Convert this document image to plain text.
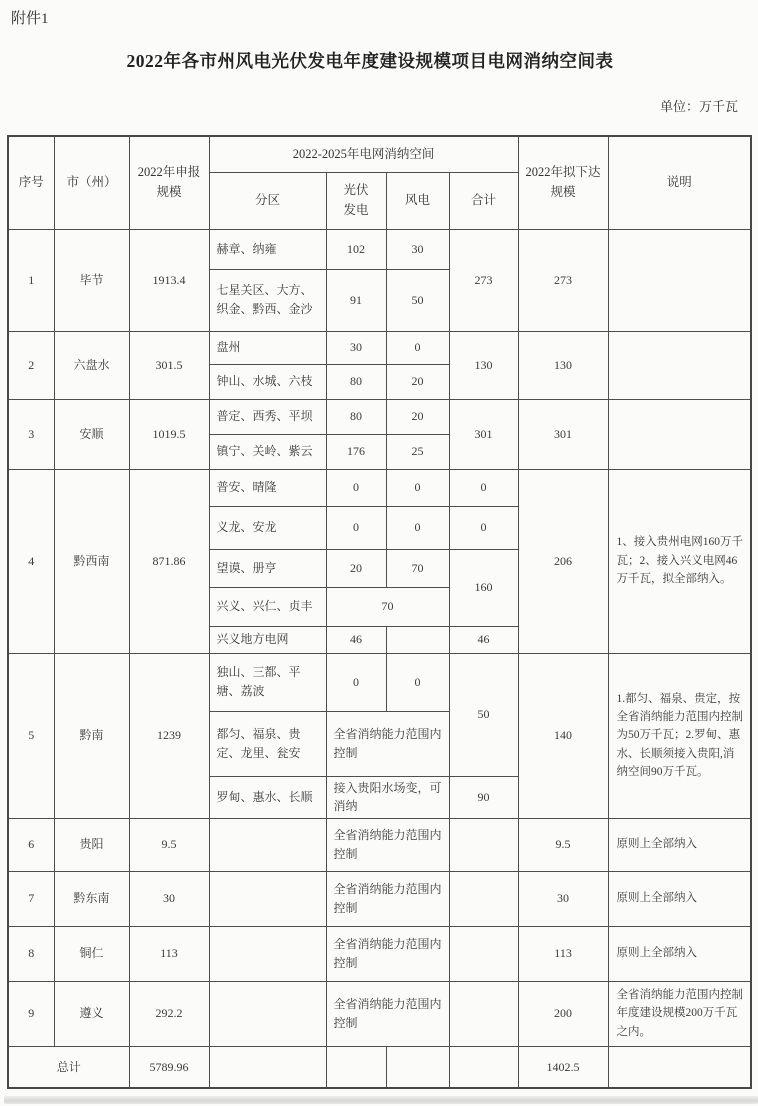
附件1
2022年各市州风电光伏发电年度建设规模项目电网消纳空间表
单位：万千瓦
序号	市（州）	2022年申报规模	2022-2025年电网消纳空间				2022年拟下达规模	说明
			分区	光伏发电	风电	合计		
1	毕节	1913.4	赫章、纳雍	102	30	273	273	
			七星关区、大方、织金、黔西、金沙	91	50			
2	六盘水	301.5	盘州	30	0	130	130	
			钟山、水城、六枝	80	20			
3	安顺	1019.5	普定、西秀、平坝	80	20	301	301	
			镇宁、关岭、紫云	176	25			
4	黔西南	871.86	普安、晴隆	0	0	0	206	1、接入贵州电网160万千瓦；2、接入兴义电网46万千瓦，拟全部纳入。
			义龙、安龙	0	0	0		
			望谟、册亨	20	70	160		
			兴义、兴仁、贞丰	70				
			兴义地方电网	46		46		
5	黔南	1239	独山、三都、平塘、荔波	0	0	50	140	1.都匀、福泉、贵定，按全省消纳能力范围内控制为50万千瓦；2.罗甸、惠水、长顺须接入贵阳,消纳空间90万千瓦。
			都匀、福泉、贵定、龙里、瓮安	全省消纳能力范围内控制				
			罗甸、惠水、长顺	接入贵阳水场变，可消纳		90		
6	贵阳	9.5		全省消纳能力范围内控制			9.5	原则上全部纳入
7	黔东南	30		全省消纳能力范围内控制			30	原则上全部纳入
8	铜仁	113		全省消纳能力范围内控制			113	原则上全部纳入
9	遵义	292.2		全省消纳能力范围内控制			200	全省消纳能力范围内控制年度建设规模200万千瓦之内。
总计		5789.96					1402.5	
